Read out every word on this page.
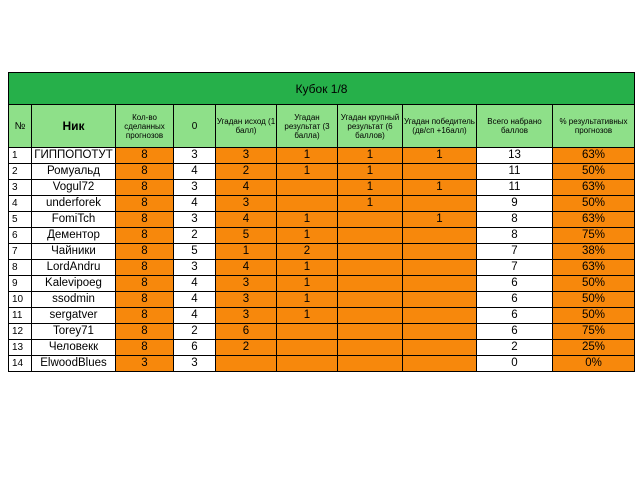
Кубок 1/8									
№	Ник	Кол-во сделанных прогнозов	0	Угадан исход (1 балл)	Угадан результат (3 балла)	Угадан крупный результат (6 баллов)	Угадан победитель (дв/сп +16алл)	Всего набрано баллов	% результативных прогнозов
1	ГИППОПОТУТ	8	3	3	1	1	1	13	63%
2	Ромуальд	8	4	2	1	1		11	50%
3	Vogul72	8	3	4		1	1	11	63%
4	underforek	8	4	3		1		9	50%
5	FomiTch	8	3	4	1		1	8	63%
6	Дементор	8	2	5	1			8	75%
7	Чайники	8	5	1	2			7	38%
8	LordAndru	8	3	4	1			7	63%
9	Kalevipoeg	8	4	3	1			6	50%
10	ssodmin	8	4	3	1			6	50%
11	sergatver	8	4	3	1			6	50%
12	Torey71	8	2	6				6	75%
13	Человекк	8	6	2				2	25%
14	ElwoodBlues	3	3					0	0%
